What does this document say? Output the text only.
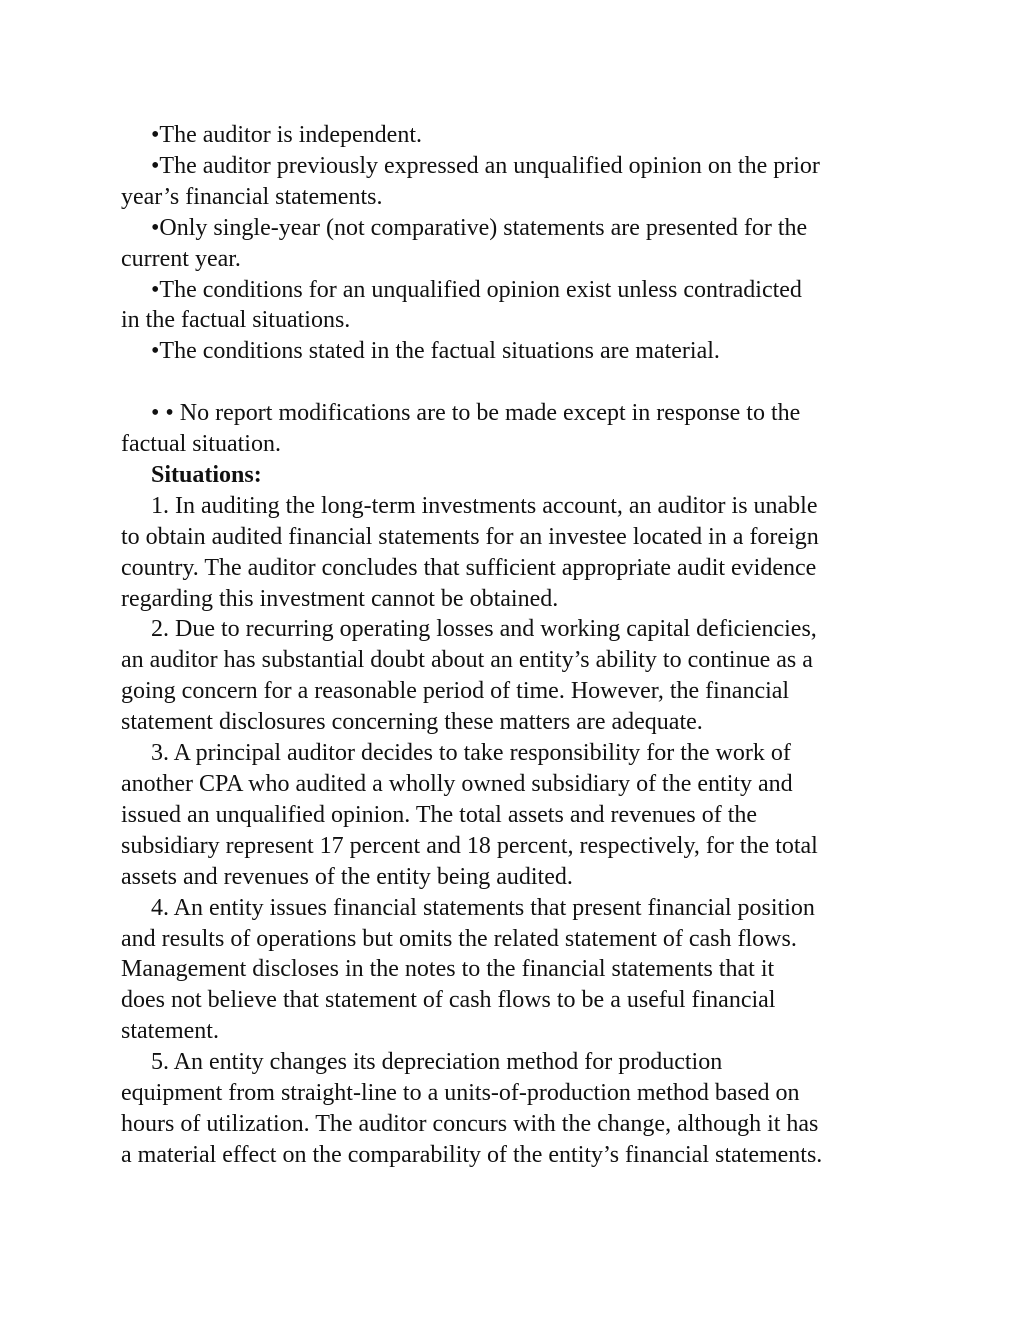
•The auditor is independent.
•The auditor previously expressed an unqualified opinion on the prior
year’s financial statements.
•Only single-year (not comparative) statements are presented for the
current year.
•The conditions for an unqualified opinion exist unless contradicted
in the factual situations.
•The conditions stated in the factual situations are material.
• • No report modifications are to be made except in response to the
factual situation.
Situations:
1. In auditing the long-term investments account, an auditor is unable
to obtain audited financial statements for an investee located in a foreign
country. The auditor concludes that sufficient appropriate audit evidence
regarding this investment cannot be obtained.
2. Due to recurring operating losses and working capital deficiencies,
an auditor has substantial doubt about an entity’s ability to continue as a
going concern for a reasonable period of time. However, the financial
statement disclosures concerning these matters are adequate.
3. A principal auditor decides to take responsibility for the work of
another CPA who audited a wholly owned subsidiary of the entity and
issued an unqualified opinion. The total assets and revenues of the
subsidiary represent 17 percent and 18 percent, respectively, for the total
assets and revenues of the entity being audited.
4. An entity issues financial statements that present financial position
and results of operations but omits the related statement of cash flows.
Management discloses in the notes to the financial statements that it
does not believe that statement of cash flows to be a useful financial
statement.
5. An entity changes its depreciation method for production
equipment from straight-line to a units-of-production method based on
hours of utilization. The auditor concurs with the change, although it has
a material effect on the comparability of the entity’s financial statements.
